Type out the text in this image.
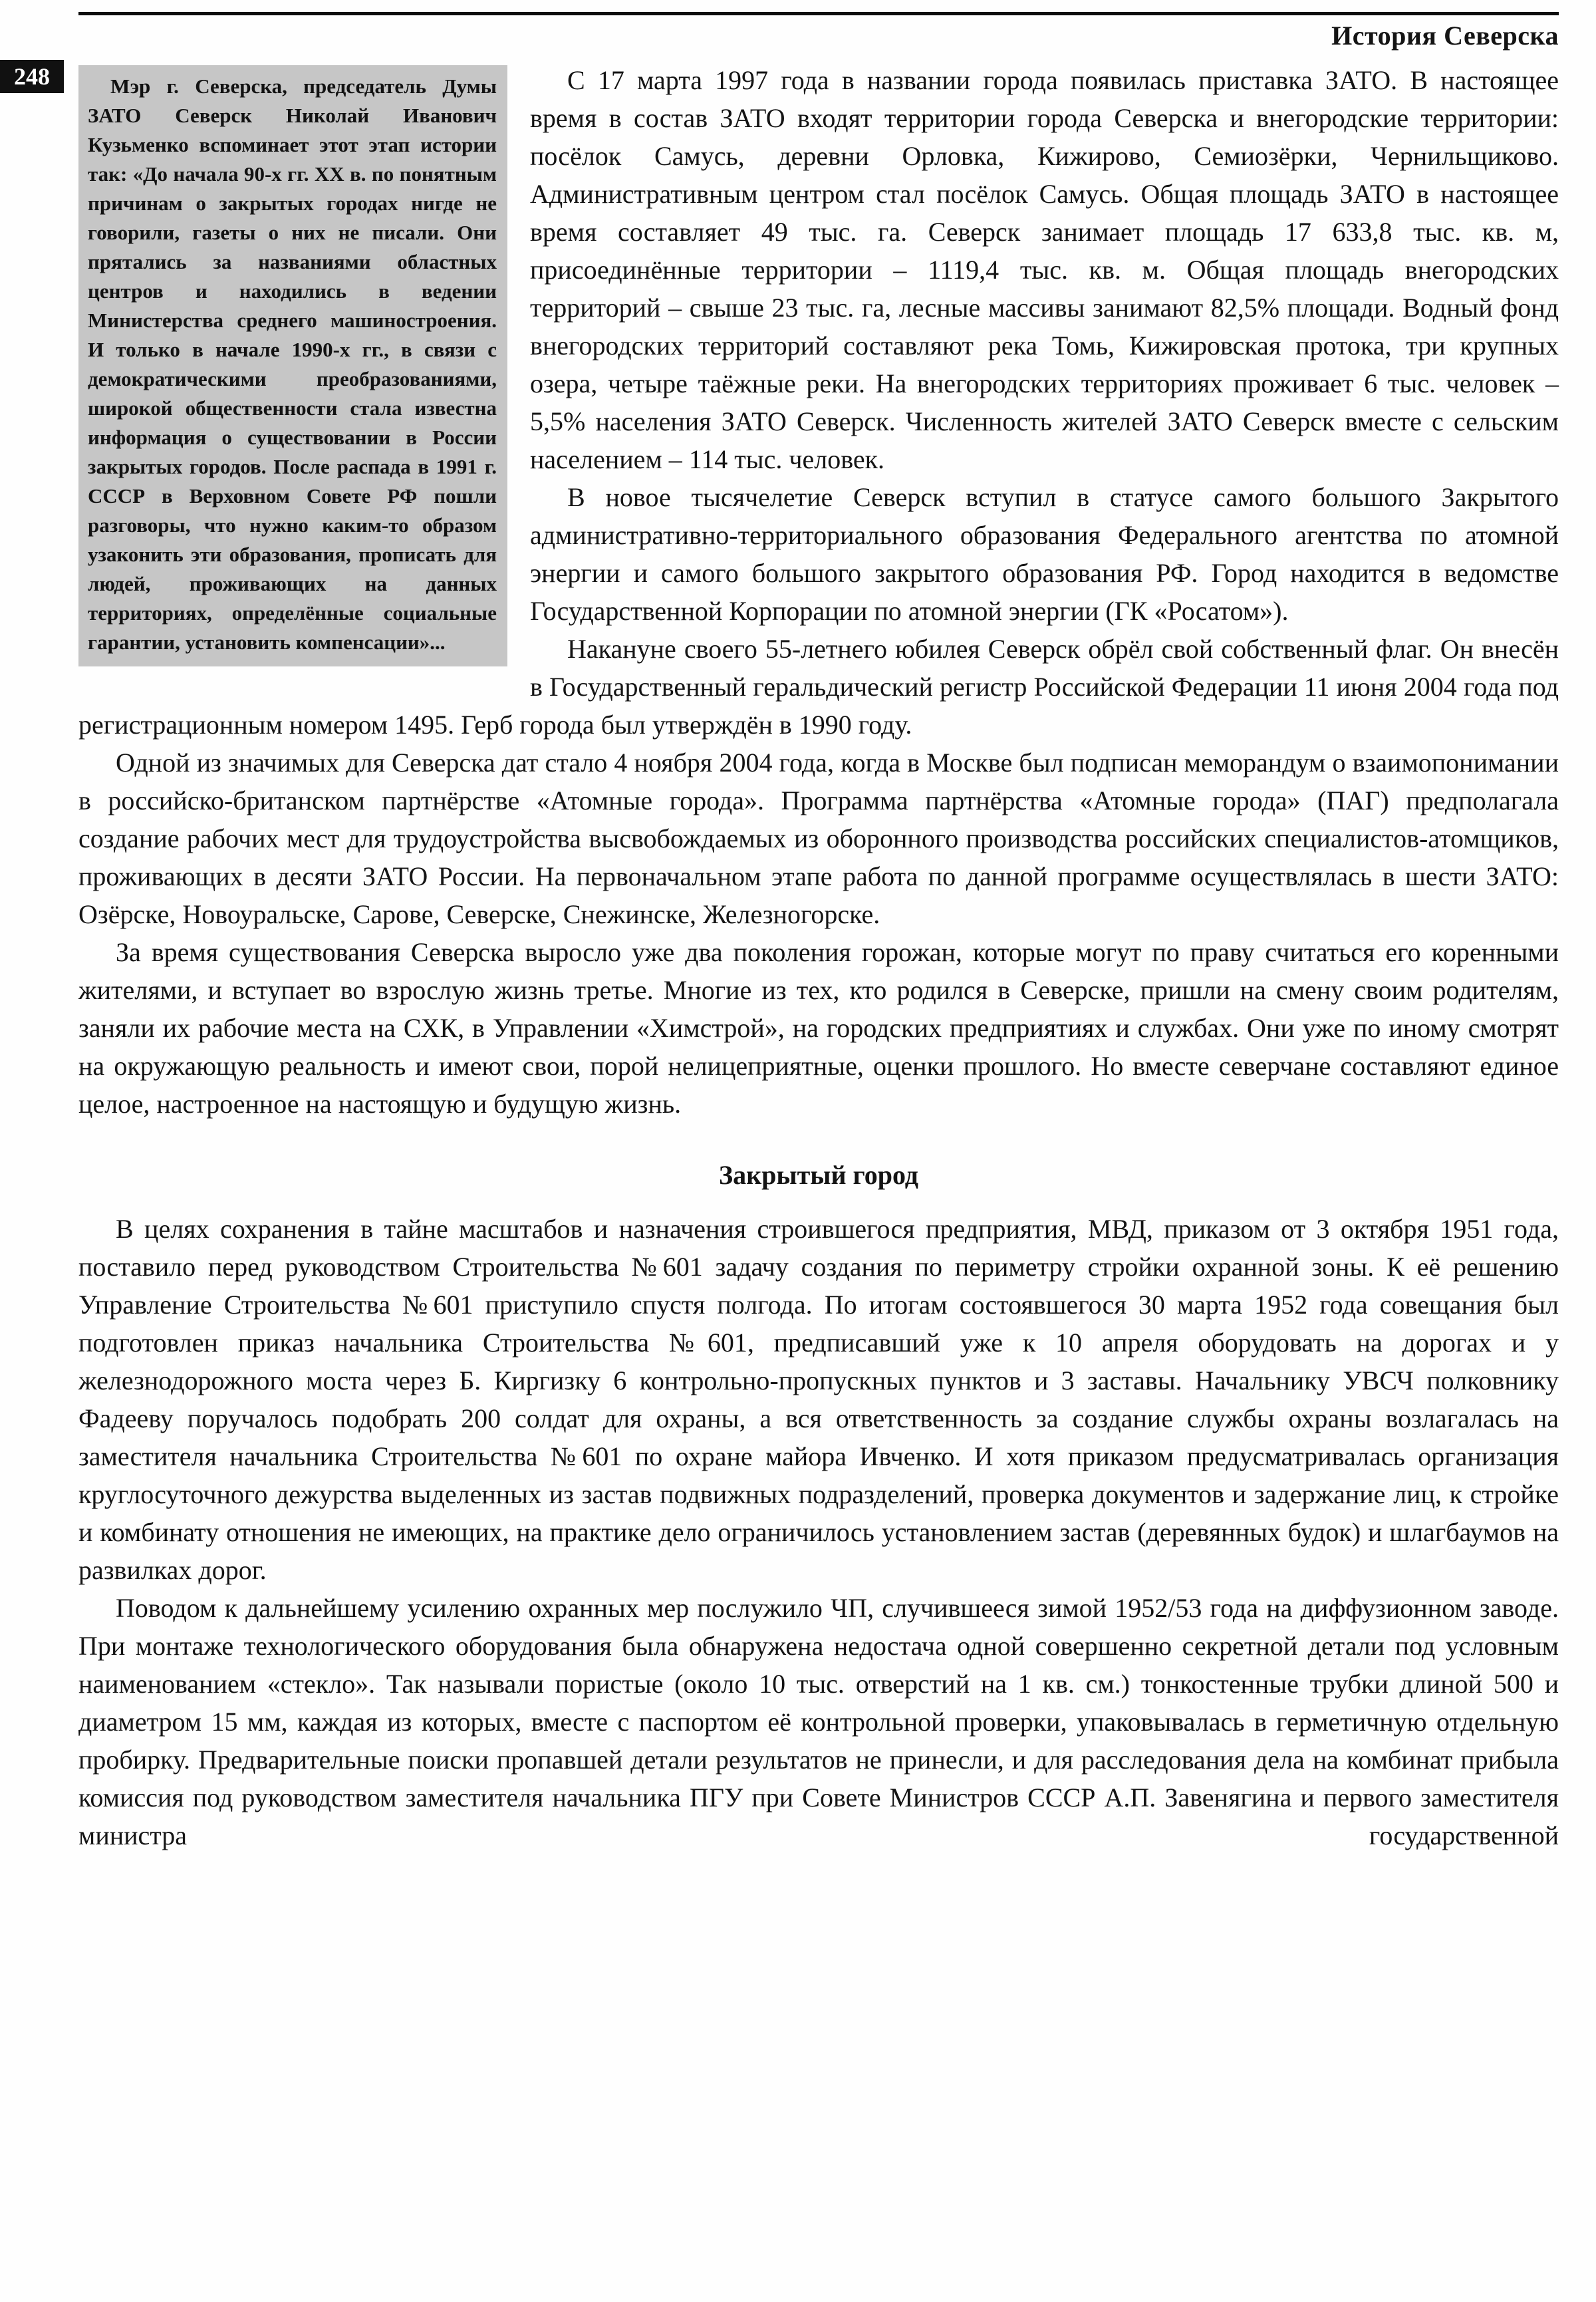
История Северска
248	Мэр г. Северска, председатель Думы ЗАТО Северск Николай Иванович Кузьменко вспоминает этот этап истории так: «До начала 90-х гг. XX в. по понятным причинам о закрытых городах нигде не говорили, газеты о них не писали. Они прятались за названиями областных центров и находились в ведении Министерства среднего машиностроения. И только в начале 1990-х гг., в связи с демократическими преобразованиями, широкой общественности стала известна информация о существовании в России закрытых городов. После распада в 1991 г. СССР в Верховном Совете РФ пошли разговоры, что нужно каким-то образом узаконить эти образования, прописать для людей, проживающих на данных территориях, определённые социальные гарантии, установить компенсации»...

С 17 марта 1997 года в названии города появилась приставка ЗАТО. В настоящее время в состав ЗАТО входят территории города Северска и внегородские территории: посёлок Самусь, деревни Орловка, Кижирово, Семиозёрки, Чернильщиково. Административным центром стал посёлок Самусь. Общая площадь ЗАТО в настоящее время составляет 49 тыс. га. Северск занимает площадь 17 633,8 тыс. кв. м, присоединённые территории – 1119,4 тыс. кв. м. Общая площадь внегородских территорий – свыше 23 тыс. га, лесные массивы занимают 82,5% площади. Водный фонд внегородских территорий составляют река Томь, Кижировская протока, три крупных озера, четыре таёжные реки. На внегородских территориях проживает 6 тыс. человек – 5,5% населения ЗАТО Северск. Численность жителей ЗАТО Северск вместе с сельским населением – 114 тыс. человек.

В новое тысячелетие Северск вступил в статусе самого большого Закрытого административно-территориального образования Федерального агентства по атомной энергии и самого большого закрытого образования РФ. Город находится в ведомстве Государственной Корпорации по атомной энергии (ГК «Росатом»).

Накануне своего 55-летнего юбилея Северск обрёл свой собственный флаг. Он внесён в Государственный геральдический регистр Российской Федерации 11 июня 2004 года под регистрационным номером 1495. Герб города был утверждён в 1990 году.

Одной из значимых для Северска дат стало 4 ноября 2004 года, когда в Москве был подписан меморандум о взаимопонимании в российско-британском партнёрстве «Атомные города». Программа партнёрства «Атомные города» (ПАГ) предполагала создание рабочих мест для трудоустройства высвобождаемых из оборонного производства российских специалистов-атомщиков, проживающих в десяти ЗАТО России. На первоначальном этапе работа по данной программе осуществлялась в шести ЗАТО: Озёрске, Новоуральске, Сарове, Северске, Снежинске, Железногорске.

За время существования Северска выросло уже два поколения горожан, которые могут по праву считаться его коренными жителями, и вступает во взрослую жизнь третье. Многие из тех, кто родился в Северске, пришли на смену своим родителям, заняли их рабочие места на СХК, в Управлении «Химстрой», на городских предприятиях и службах. Они уже по иному смотрят на окружающую реальность и имеют свои, порой нелицеприятные, оценки прошлого. Но вместе северчане составляют единое целое, настроенное на настоящую и будущую жизнь.

Закрытый город

В целях сохранения в тайне масштабов и назначения строившегося предприятия, МВД, приказом от 3 октября 1951 года, поставило перед руководством Строительства №601 задачу создания по периметру стройки охранной зоны. К её решению Управление Строительства №601 приступило спустя полгода. По итогам состоявшегося 30 марта 1952 года совещания был подготовлен приказ начальника Строительства №601, предписавший уже к 10 апреля оборудовать на дорогах и у железнодорожного моста через Б. Киргизку 6 контрольно-пропускных пунктов и 3 заставы. Начальнику УВСЧ полковнику Фадееву поручалось подобрать 200 солдат для охраны, а вся ответственность за создание службы охраны возлагалась на заместителя начальника Строительства №601 по охране майора Ивченко. И хотя приказом предусматривалась организация круглосуточного дежурства выделенных из застав подвижных подразделений, проверка документов и задержание лиц, к стройке и комбинату отношения не имеющих, на практике дело ограничилось установлением застав (деревянных будок) и шлагбаумов на развилках дорог.

Поводом к дальнейшему усилению охранных мер послужило ЧП, случившееся зимой 1952/53 года на диффузионном заводе. При монтаже технологического оборудования была обнаружена недостача одной совершенно секретной детали под условным наименованием «стекло». Так называли пористые (около 10 тыс. отверстий на 1 кв. см.) тонкостенные трубки длиной 500 и диаметром 15 мм, каждая из которых, вместе с паспортом её контрольной проверки, упаковывалась в герметичную отдельную пробирку. Предварительные поиски пропавшей детали результатов не принесли, и для расследования дела на комбинат прибыла комиссия под руководством заместителя начальника ПГУ при Совете Министров СССР А.П. Завенягина и первого заместителя министра государственной
